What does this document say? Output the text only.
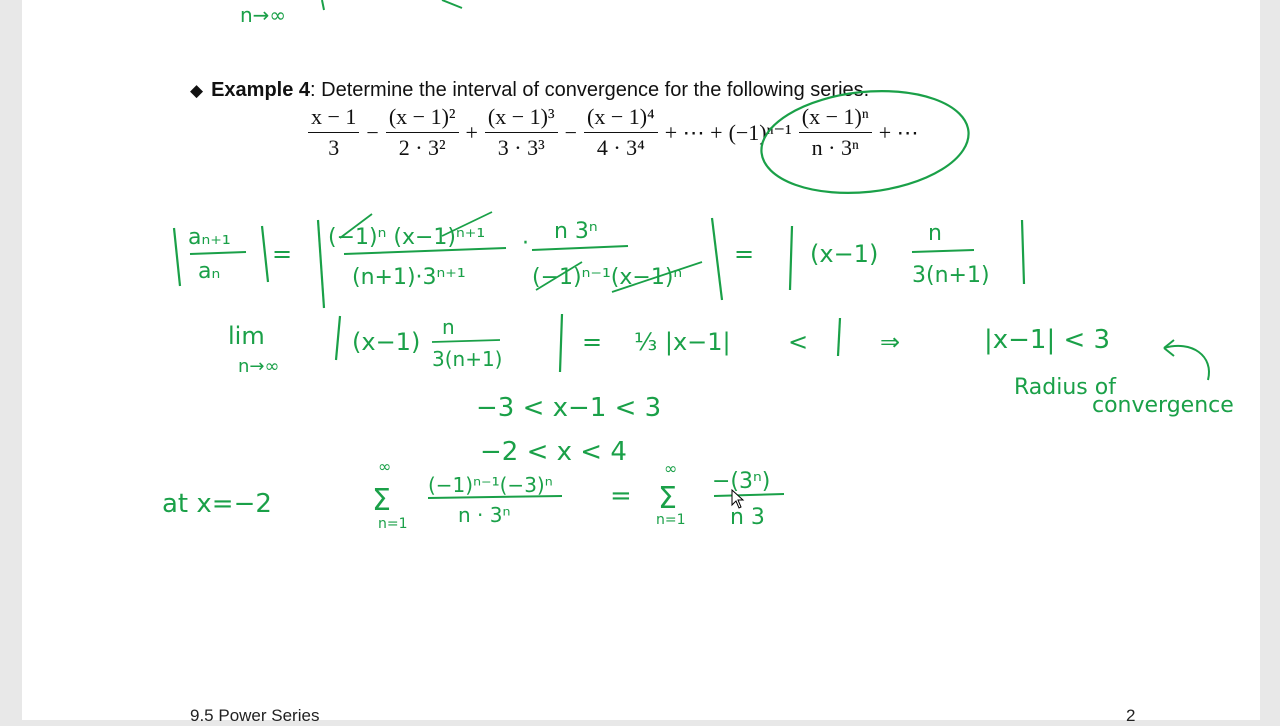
◆ Example 4: Determine the interval of convergence for the following series.
$\frac{x - 1}{3} - \frac{\text{(x − 1)²}}{\text{2 · 3²}} + \frac{\text{(x − 1)³}}{\text{3 · 3³}} - \frac{\text{(x − 1)⁴}}{\text{4 · 3⁴}}$ + ⋯ + $(-1)^{n-1} \frac{\text{(x − 1)ⁿ}}{\text{n · 3ⁿ}}$ + ⋯
n→∞
aₙ₊₁
aₙ
=
(−1)ⁿ (x−1)ⁿ⁺¹
(n+1)·3ⁿ⁺¹
· n 3ⁿ
(−1)ⁿ⁻¹(x−1)ⁿ
= (x−1)
n
3(n+1)
lim
n→∞
(x−1)
n
3(n+1)
= ⅓ |x−1| <	⇒	|x−1| < 3
Radius of
convergence
−3 < x−1 < 3
−2 < x < 4
at x=−2
∞
Σ
n=1
(−1)ⁿ⁻¹(−3)ⁿ
n · 3ⁿ
=
∞
Σ
n=1
−(3ⁿ)
n 3
9.5 Power Series	2
